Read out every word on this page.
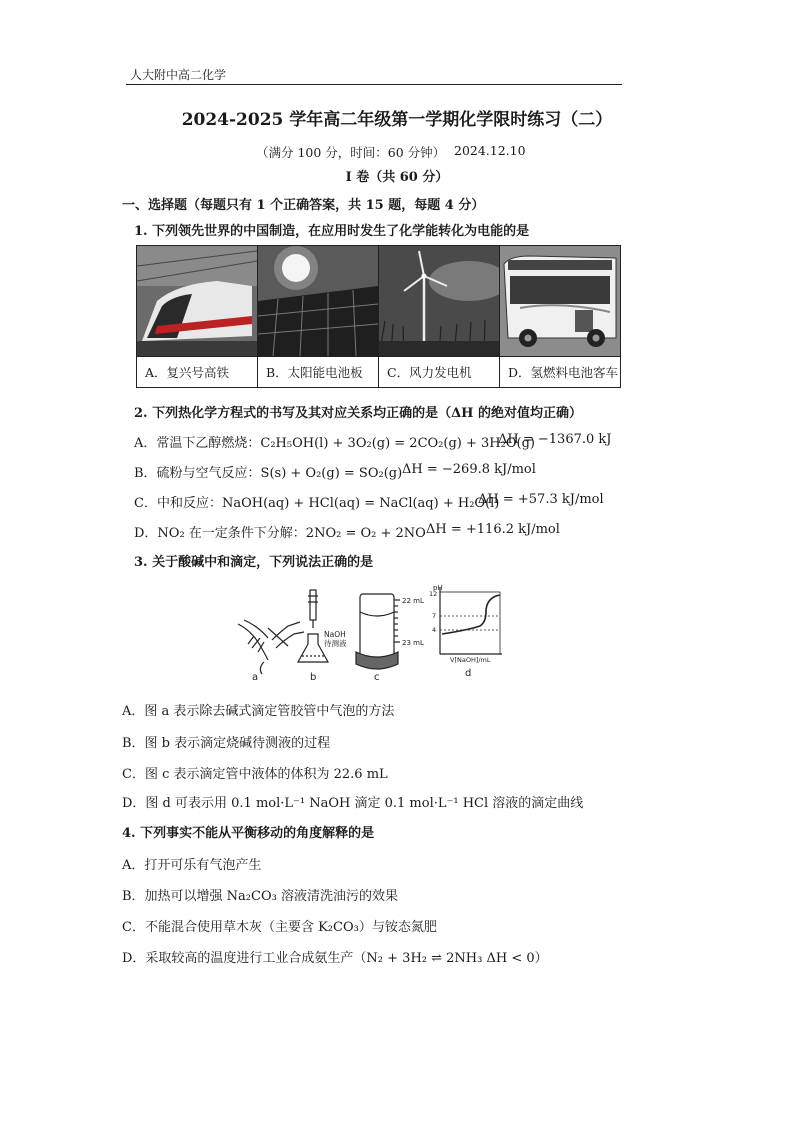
人大附中高二化学
2024-2025 学年高二年级第一学期化学限时练习（二）
（满分 100 分，时间：60 分钟） 2024.12.10
I 卷（共 60 分）
一、选择题（每题只有 1 个正确答案，共 15 题，每题 4 分）
1. 下列领先世界的中国制造，在应用时发生了化学能转化为电能的是

A．复兴号高铁	B．太阳能电池板	C．风力发电机	D．氢燃料电池客车
2. 下列热化学方程式的书写及其对应关系均正确的是（ΔH 的绝对值均正确）
A．常温下乙醇燃烧：C₂H₅OH(l) + 3O₂(g) = 2CO₂(g) + 3H₂O(g)
ΔH = −1367.0 kJ
B．硫粉与空气反应：S(s) + O₂(g) = SO₂(g) ΔH = −269.8 kJ/mol
C．中和反应：NaOH(aq) + HCl(aq) = NaCl(aq) + H₂O(l)
ΔH = +57.3 kJ/mol
D．NO₂ 在一定条件下分解：2NO₂ = O₂ + 2NO ΔH = +116.2 kJ/mol
3. 关于酸碱中和滴定，下列说法正确的是
a
NaOH
待测液
b
22 mL
23 mL
c
pH
12
7
4
V[NaOH]/mL
d
A．图 a 表示除去碱式滴定管胶管中气泡的方法
B．图 b 表示滴定烧碱待测液的过程
C．图 c 表示滴定管中液体的体积为 22.6 mL
D．图 d 可表示用 0.1 mol·L⁻¹ NaOH 滴定 0.1 mol·L⁻¹ HCl 溶液的滴定曲线
4. 下列事实不能从平衡移动的角度解释的是
A．打开可乐有气泡产生
B．加热可以增强 Na₂CO₃ 溶液清洗油污的效果
C．不能混合使用草木灰（主要含 K₂CO₃）与铵态氮肥
D．采取较高的温度进行工业合成氨生产（N₂ + 3H₂ ⇌ 2NH₃ ΔH < 0）
